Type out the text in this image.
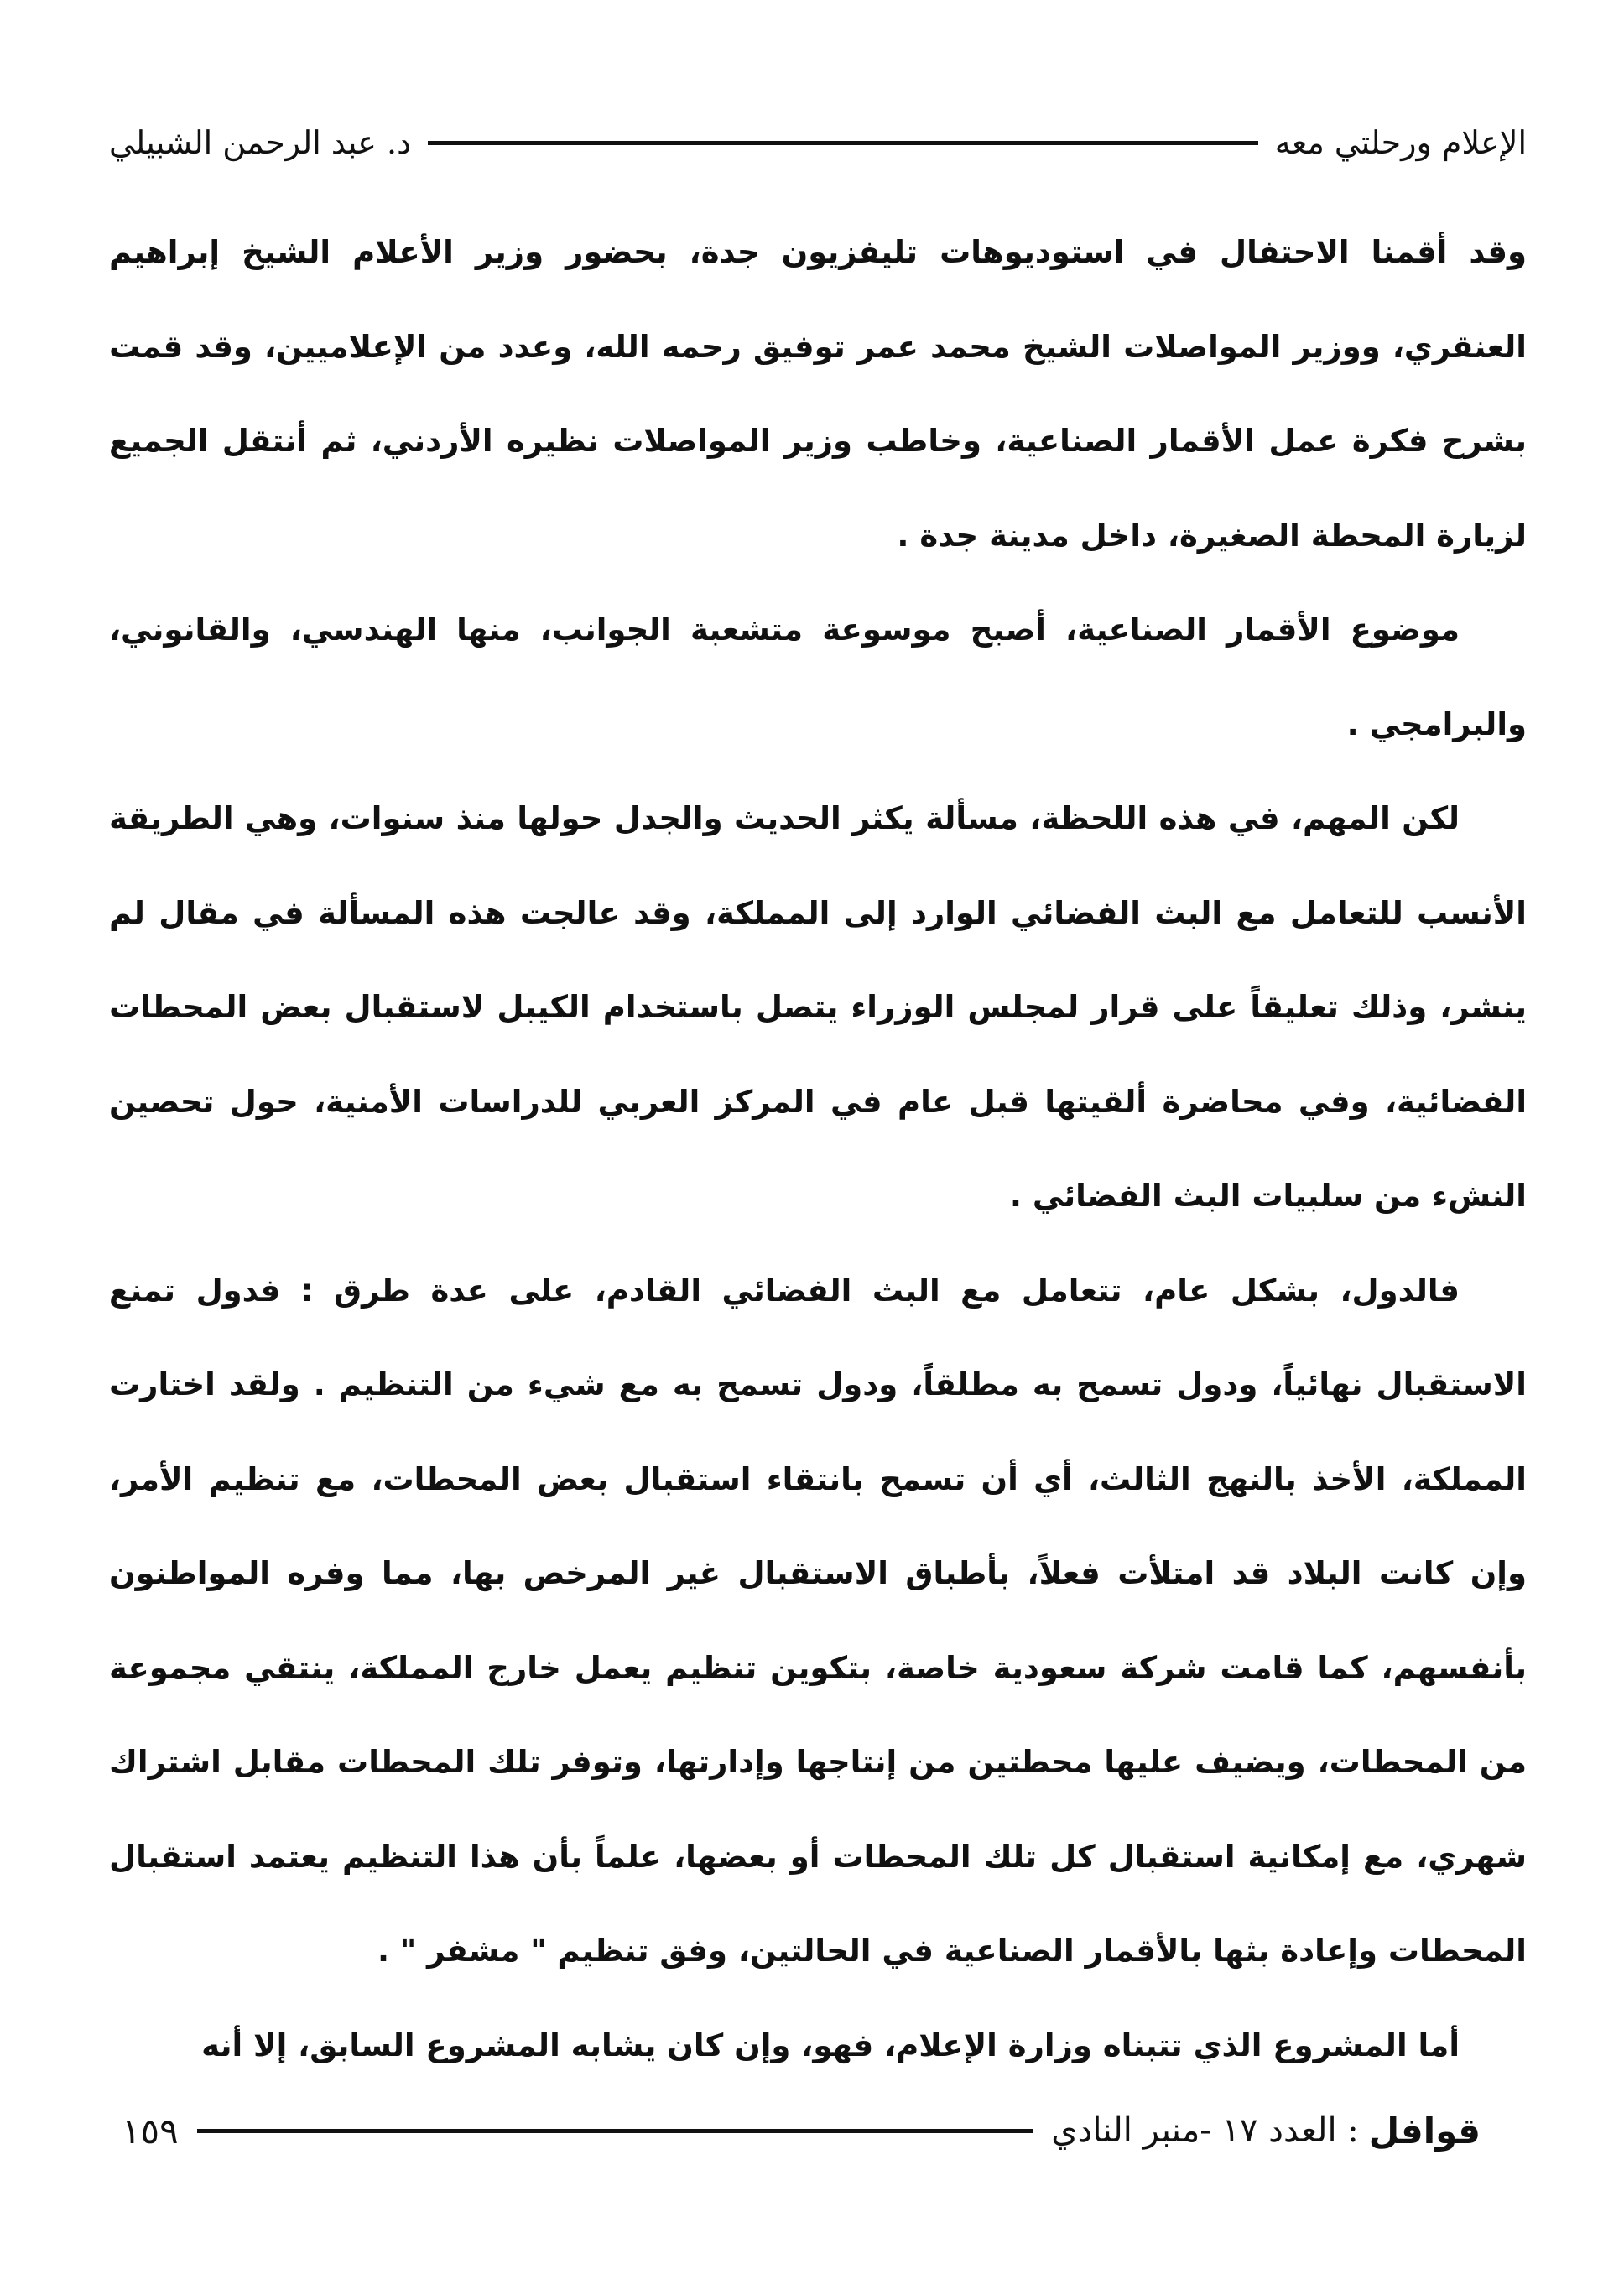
الإعلام ورحلتي معه
د. عبد الرحمن الشبيلي

وقد أقمنا الاحتفال في استوديوهات تليفزيون جدة، بحضور وزير الأعلام الشيخ إبراهيم العنقري، ووزير المواصلات الشيخ محمد عمر توفيق رحمه الله، وعدد من الإعلاميين، وقد قمت بشرح فكرة عمل الأقمار الصناعية، وخاطب وزير المواصلات نظيره الأردني، ثم أنتقل الجميع لزيارة المحطة الصغيرة، داخل مدينة جدة .

موضوع الأقمار الصناعية، أصبح موسوعة متشعبة الجوانب، منها الهندسي، والقانوني، والبرامجي .

لكن المهم، في هذه اللحظة، مسألة يكثر الحديث والجدل حولها منذ سنوات، وهي الطريقة الأنسب للتعامل مع البث الفضائي الوارد إلى المملكة، وقد عالجت هذه المسألة في مقال لم ينشر، وذلك تعليقاً على قرار لمجلس الوزراء يتصل باستخدام الكيبل لاستقبال بعض المحطات الفضائية، وفي محاضرة ألقيتها قبل عام في المركز العربي للدراسات الأمنية، حول تحصين النشء من سلبيات البث الفضائي .

فالدول، بشكل عام، تتعامل مع البث الفضائي القادم، على عدة طرق : فدول تمنع الاستقبال نهائياً، ودول تسمح به مطلقاً، ودول تسمح به مع شيء من التنظيم . ولقد اختارت المملكة، الأخذ بالنهج الثالث، أي أن تسمح بانتقاء استقبال بعض المحطات، مع تنظيم الأمر، وإن كانت البلاد قد امتلأت فعلاً، بأطباق الاستقبال غير المرخص بها، مما وفره المواطنون بأنفسهم، كما قامت شركة سعودية خاصة، بتكوين تنظيم يعمل خارج المملكة، ينتقي مجموعة من المحطات، ويضيف عليها محطتين من إنتاجها وإدارتها، وتوفر تلك المحطات مقابل اشتراك شهري، مع إمكانية استقبال كل تلك المحطات أو بعضها، علماً بأن هذا التنظيم يعتمد استقبال المحطات وإعادة بثها بالأقمار الصناعية في الحالتين، وفق تنظيم " مشفر " .

أما المشروع الذي تتبناه وزارة الإعلام، فهو، وإن كان يشابه المشروع السابق، إلا أنه

قوافل
: العدد ١٧ -منبر النادي
١٥٩
